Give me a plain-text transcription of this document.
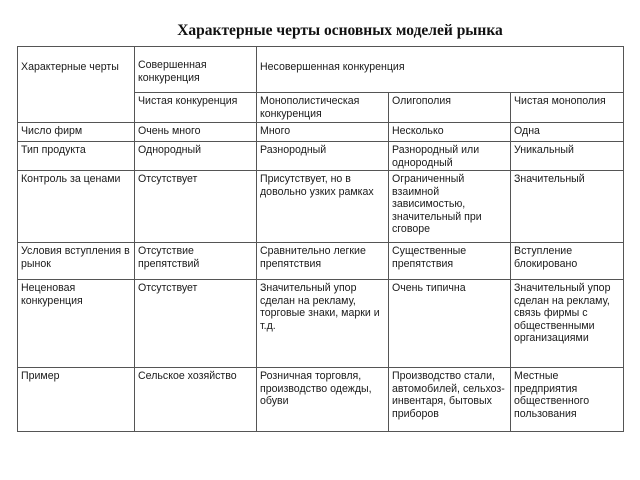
Характерные черты основных моделей рынка
Характерные черты	Совершенная конкуренция	Несовершенная конкуренция		
	Чистая конкуренция	Монополистическая конкуренция	Олигополия	Чистая монополия
Число фирм	Очень много	Много	Несколько	Одна
Тип продукта	Однородный	Разнородный	Разнородный или однородный	Уникальный
Контроль за ценами	Отсутствует	Присутствует, но в довольно узких рамках	Ограниченный взаимной зависимостью, значительный при сговоре	Значительный
Условия вступления в рынок	Отсутствие препятствий	Сравнительно легкие препятствия	Существенные препятствия	Вступление блокировано
Неценовая конкуренция	Отсутствует	Значительный упор сделан на рекламу, торговые знаки, марки и т.д.	Очень типична	Значительный упор сделан на рекламу, связь фирмы с общественными организациями
Пример	Сельское хозяйство	Розничная торговля, производство одежды, обуви	Производство стали, автомобилей, сельхоз-инвентаря, бытовых приборов	Местные предприятия общественного пользования
